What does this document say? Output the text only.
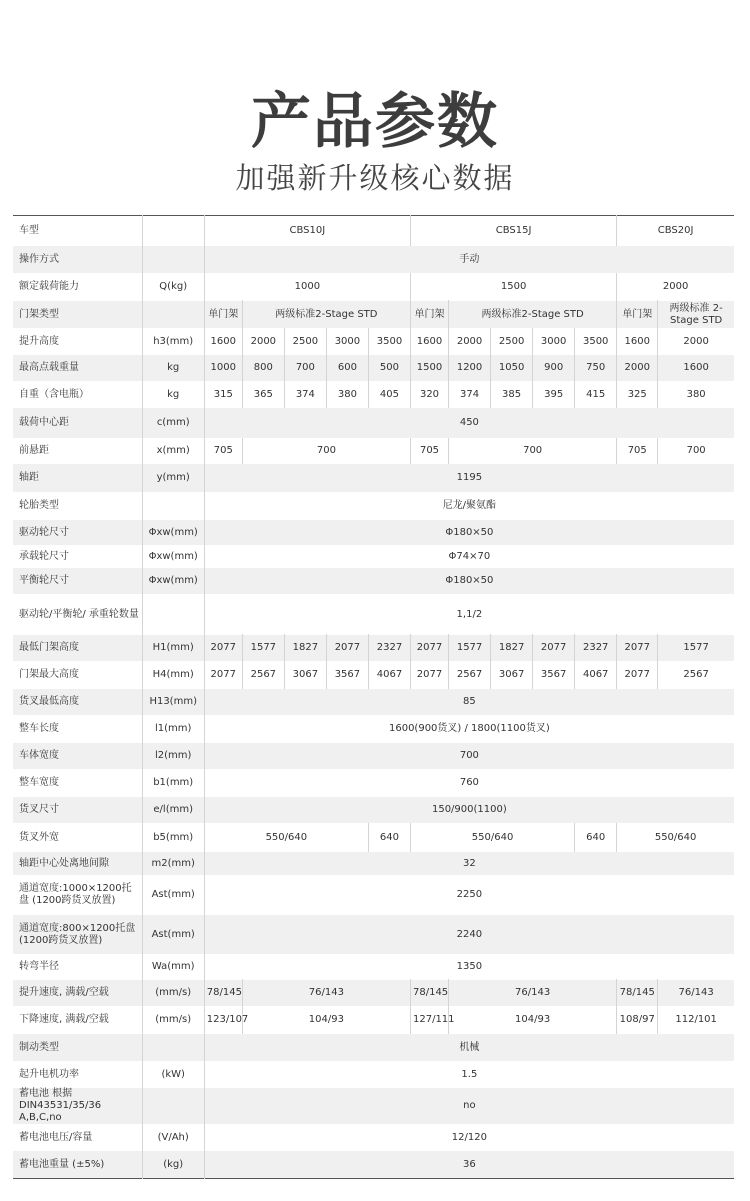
产品参数
加强新升级核心数据
车型		CBS10J					CBS15J					CBS20J	
操作方式		手动											
额定载荷能力	Q(kg)	1000					1500					2000	
门架类型		单门架	两级标准2-Stage STD				单门架	两级标准2-Stage STD				单门架	两级标准 2-Stage STD
提升高度	h3(mm)	1600	2000	2500	3000	3500	1600	2000	2500	3000	3500	1600	2000
最高点载重量	kg	1000	800	700	600	500	1500	1200	1050	900	750	2000	1600
自重（含电瓶）	kg	315	365	374	380	405	320	374	385	395	415	325	380
载荷中心距	c(mm)	450											
前悬距	x(mm)	705	700				705	700				705	700
轴距	y(mm)	1195											
轮胎类型		尼龙/聚氨酯											
驱动轮尺寸	Φxw(mm)	Φ180×50											
承载轮尺寸	Φxw(mm)	Φ74×70											
平衡轮尺寸	Φxw(mm)	Φ180×50											
驱动轮/平衡轮/ 承重轮数量		1,1/2											
最低门架高度	H1(mm)	2077	1577	1827	2077	2327	2077	1577	1827	2077	2327	2077	1577
门架最大高度	H4(mm)	2077	2567	3067	3567	4067	2077	2567	3067	3567	4067	2077	2567
货叉最低高度	H13(mm)	85											
整车长度	l1(mm)	1600(900货叉) / 1800(1100货叉)											
车体宽度	l2(mm)	700											
整车宽度	b1(mm)	760											
货叉尺寸	e/l(mm)	150/900(1100)											
货叉外宽	b5(mm)	550/640				640	550/640				640	550/640	
轴距中心处离地间隙	m2(mm)	32											
通道宽度:1000×1200托盘 (1200跨货叉放置)	Ast(mm)	2250											
通道宽度:800×1200托盘 (1200跨货叉放置)	Ast(mm)	2240											
转弯半径	Wa(mm)	1350											
提升速度, 满载/空载	(mm/s)	78/145	76/143				78/145	76/143				78/145	76/143
下降速度, 满载/空载	(mm/s)	123/107	104/93				127/111	104/93				108/97	112/101
制动类型		机械											
起升电机功率	(kW)	1.5											
蓄电池 根据DIN43531/35/36 A,B,C,no		no											
蓄电池电压/容量	(V/Ah)	12/120											
蓄电池重量 (±5%)	(kg)	36											
